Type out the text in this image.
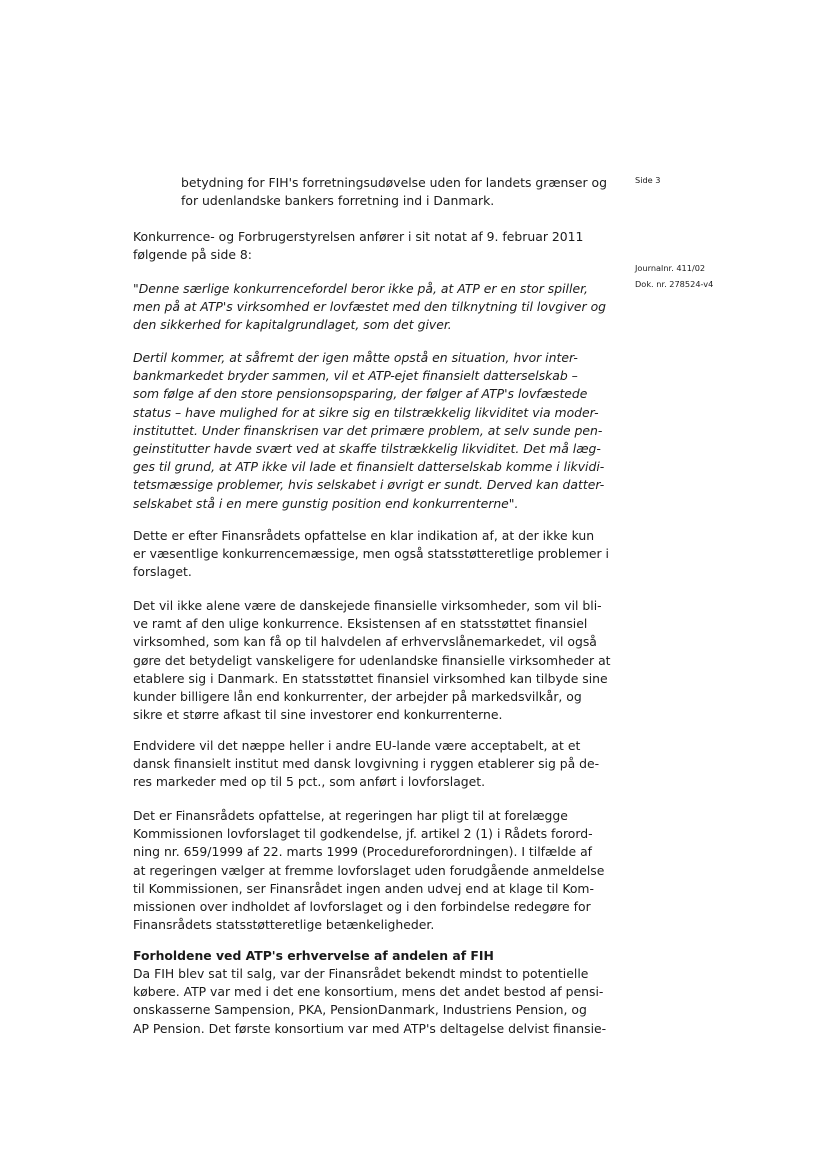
Side 3
Journalnr. 411/02
Dok. nr. 278524-v4
betydning for FIH's forretningsudøvelse uden for landets grænser og
for udenlandske bankers forretning ind i Danmark.
Konkurrence- og Forbrugerstyrelsen anfører i sit notat af 9. februar 2011
følgende på side 8:
"Denne særlige konkurrencefordel beror ikke på, at ATP er en stor spiller,
men på at ATP's virksomhed er lovfæstet med den tilknytning til lovgiver og
den sikkerhed for kapitalgrundlaget, som det giver.
Dertil kommer, at såfremt der igen måtte opstå en situation, hvor inter-
bankmarkedet bryder sammen, vil et ATP-ejet finansielt datterselskab –
som følge af den store pensionsopsparing, der følger af ATP's lovfæstede
status – have mulighed for at sikre sig en tilstrækkelig likviditet via moder-
instituttet. Under finanskrisen var det primære problem, at selv sunde pen-
geinstitutter havde svært ved at skaffe tilstrækkelig likviditet. Det må læg-
ges til grund, at ATP ikke vil lade et finansielt datterselskab komme i likvidi-
tetsmæssige problemer, hvis selskabet i øvrigt er sundt. Derved kan datter-
selskabet stå i en mere gunstig position end konkurrenterne".
Dette er efter Finansrådets opfattelse en klar indikation af, at der ikke kun
er væsentlige konkurrencemæssige, men også statsstøtteretlige problemer i
forslaget.
Det vil ikke alene være de danskejede finansielle virksomheder, som vil bli-
ve ramt af den ulige konkurrence. Eksistensen af en statsstøttet finansiel
virksomhed, som kan få op til halvdelen af erhvervslånemarkedet, vil også
gøre det betydeligt vanskeligere for udenlandske finansielle virksomheder at
etablere sig i Danmark. En statsstøttet finansiel virksomhed kan tilbyde sine
kunder billigere lån end konkurrenter, der arbejder på markedsvilkår, og
sikre et større afkast til sine investorer end konkurrenterne.
Endvidere vil det næppe heller i andre EU-lande være acceptabelt, at et
dansk finansielt institut med dansk lovgivning i ryggen etablerer sig på de-
res markeder med op til 5 pct., som anført i lovforslaget.
Det er Finansrådets opfattelse, at regeringen har pligt til at forelægge
Kommissionen lovforslaget til godkendelse, jf. artikel 2 (1) i Rådets forord-
ning nr. 659/1999 af 22. marts 1999 (Procedureforordningen). I tilfælde af
at regeringen vælger at fremme lovforslaget uden forudgående anmeldelse
til Kommissionen, ser Finansrådet ingen anden udvej end at klage til Kom-
missionen over indholdet af lovforslaget og i den forbindelse redegøre for
Finansrådets statsstøtteretlige betænkeligheder.
Forholdene ved ATP's erhvervelse af andelen af FIH
Da FIH blev sat til salg, var der Finansrådet bekendt mindst to potentielle
købere. ATP var med i det ene konsortium, mens det andet bestod af pensi-
onskasserne Sampension, PKA, PensionDanmark, Industriens Pension, og
AP Pension. Det første konsortium var med ATP's deltagelse delvist finansie-
